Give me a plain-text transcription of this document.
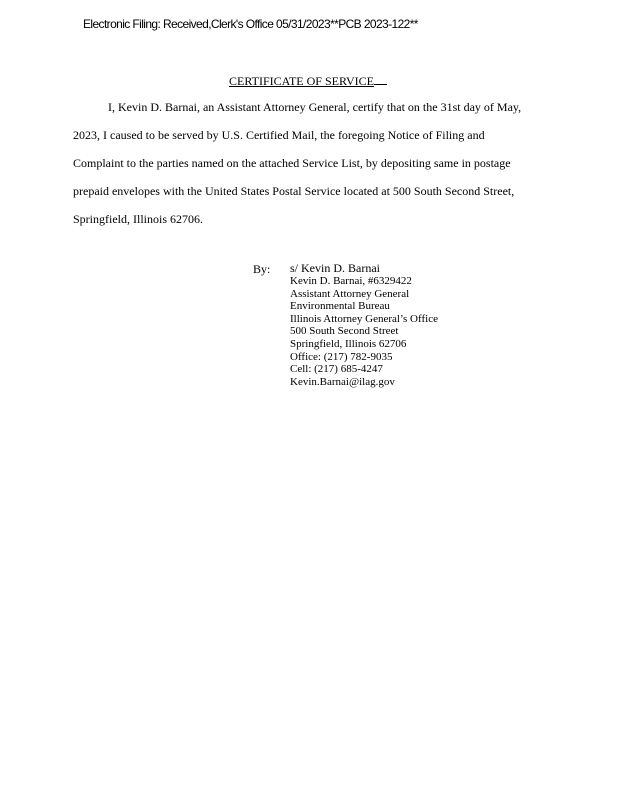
Electronic Filing: Received,Clerk's Office 05/31/2023**PCB 2023-122**
CERTIFICATE OF SERVICE
I, Kevin D. Barnai, an Assistant Attorney General, certify that on the 31st day of May,
2023, I caused to be served by U.S. Certified Mail, the foregoing Notice of Filing and
Complaint to the parties named on the attached Service List, by depositing same in postage
prepaid envelopes with the United States Postal Service located at 500 South Second Street,
Springfield, Illinois 62706.
By: s/ Kevin D. Barnai
Kevin D. Barnai, #6329422
Assistant Attorney General
Environmental Bureau
Illinois Attorney General’s Office
500 South Second Street
Springfield, Illinois 62706
Office: (217) 782-9035
Cell: (217) 685-4247
Kevin.Barnai@ilag.gov
